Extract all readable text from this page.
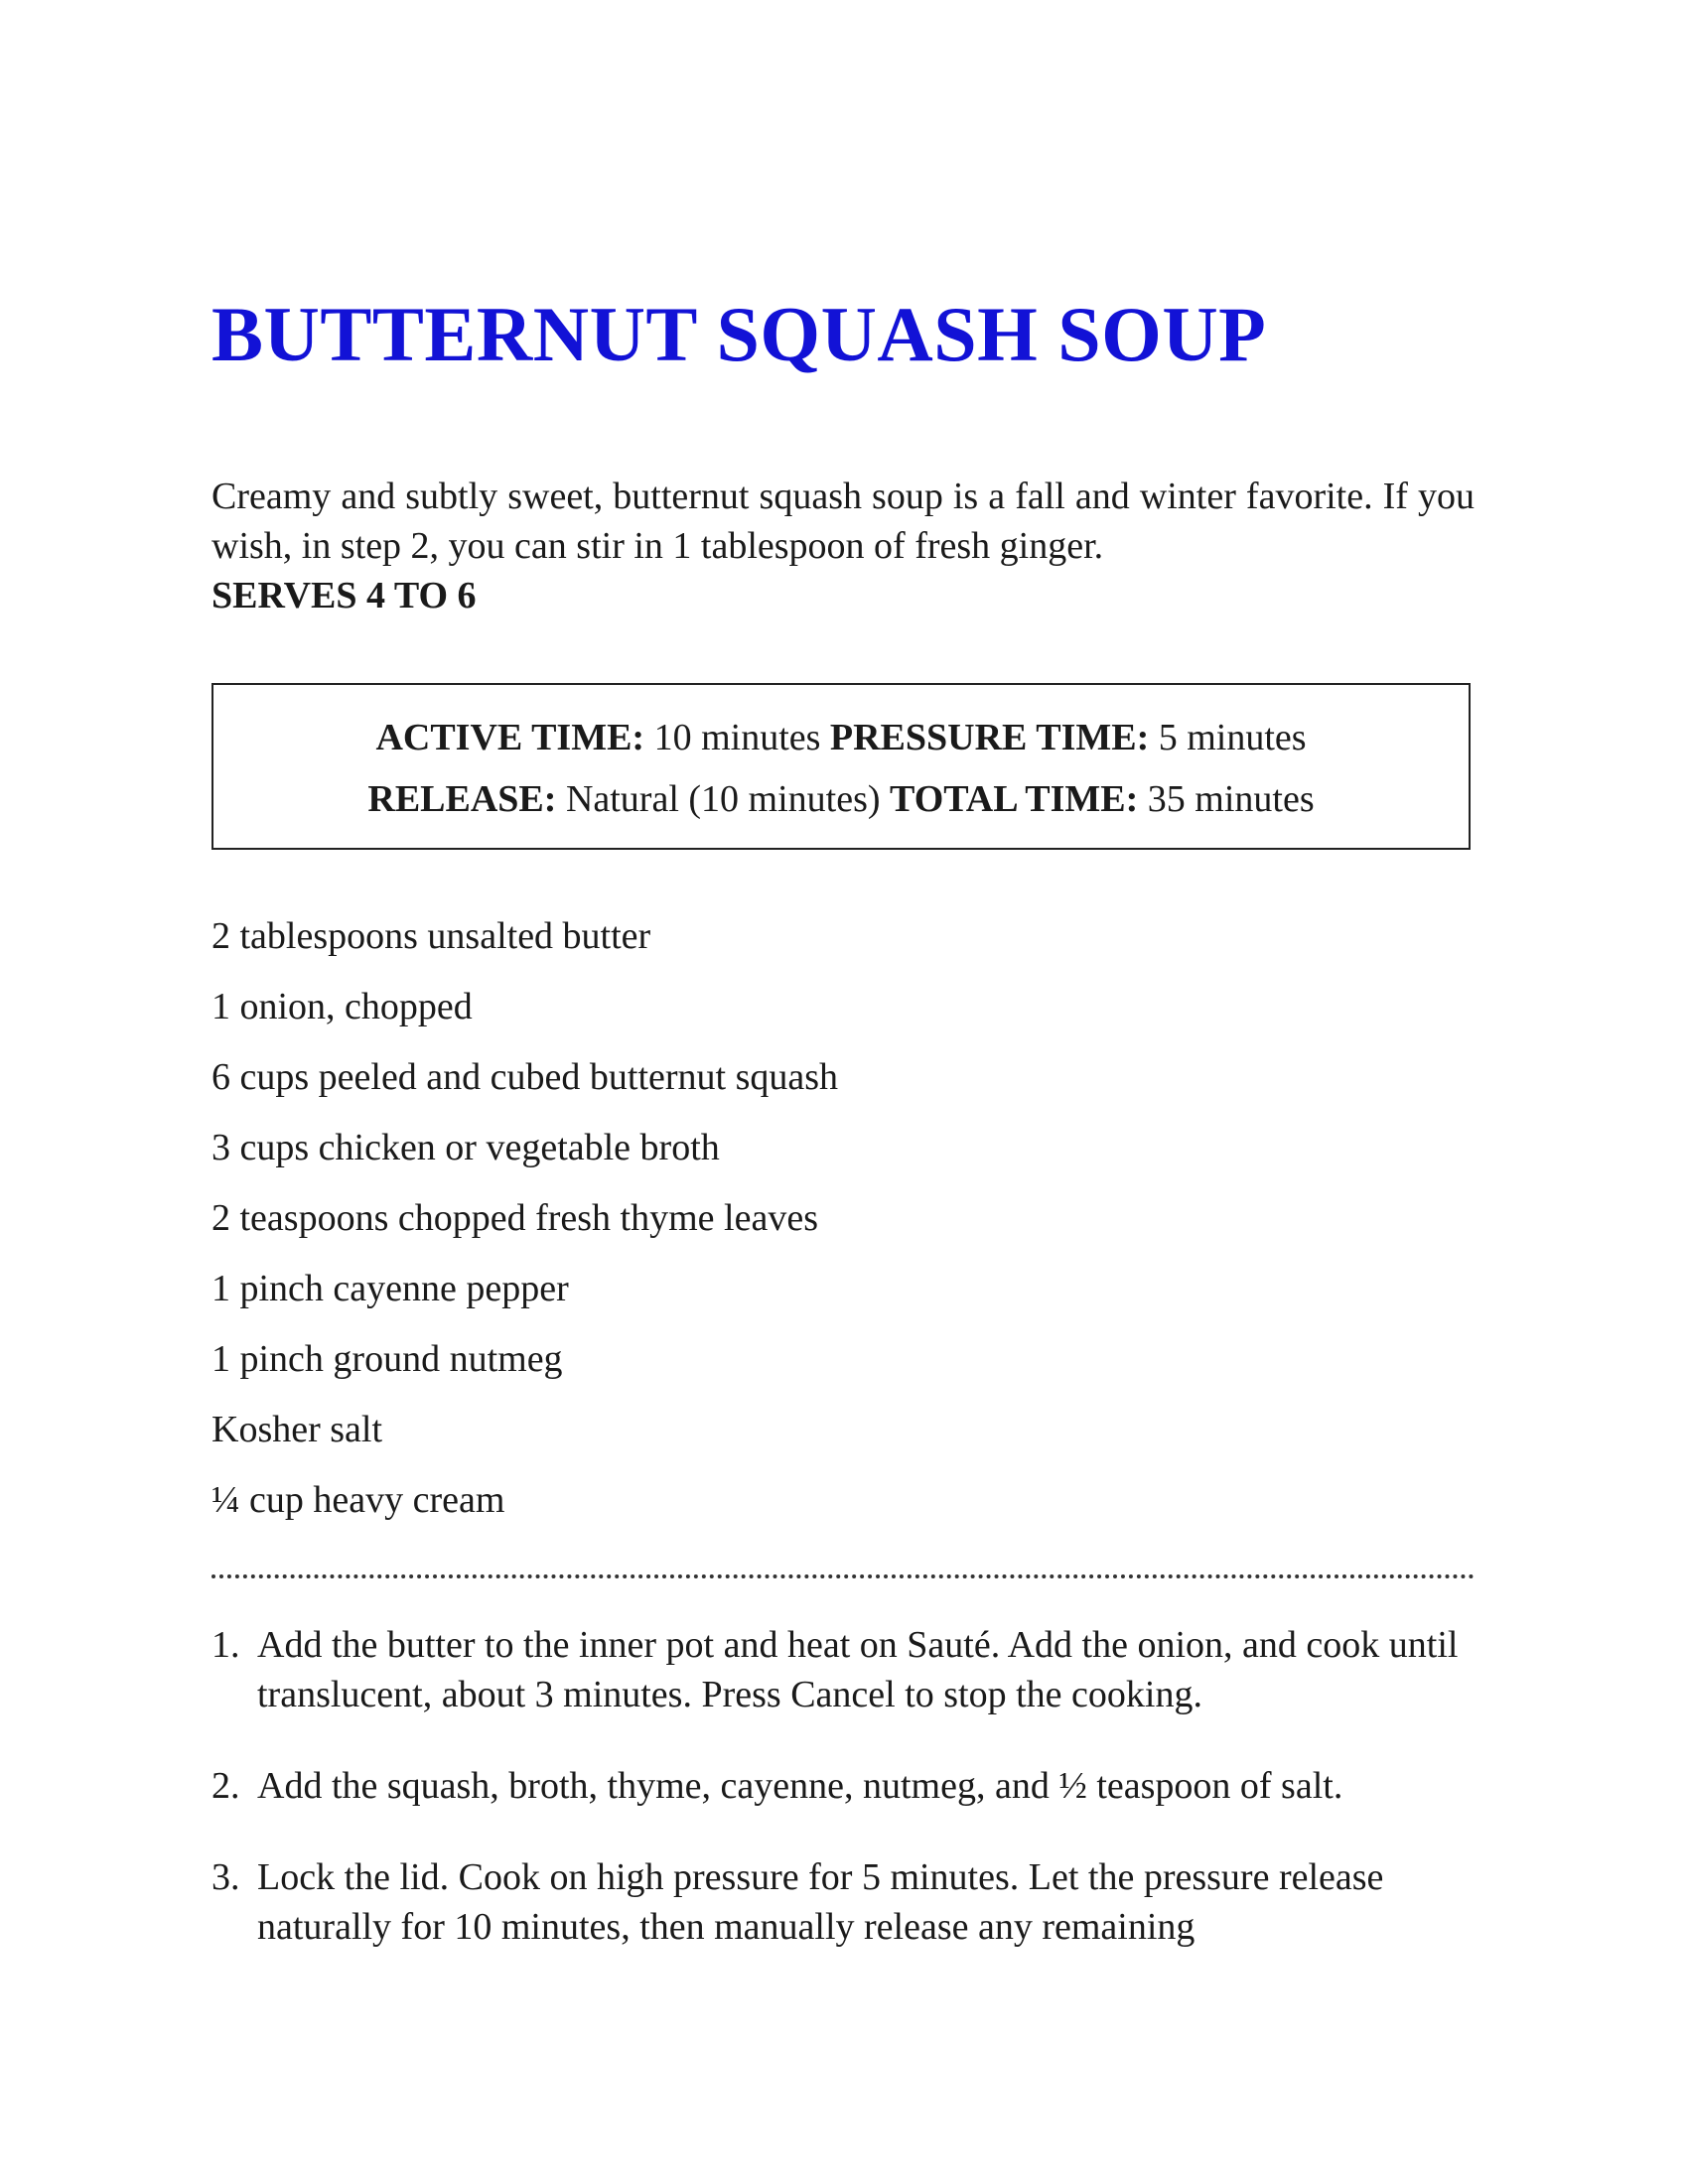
BUTTERNUT SQUASH SOUP

Creamy and subtly sweet, butternut squash soup is a fall and winter favorite. If you wish, in step 2, you can stir in 1 tablespoon of fresh ginger.
SERVES 4 TO 6

ACTIVE TIME: 10 minutes PRESSURE TIME: 5 minutes
RELEASE: Natural (10 minutes) TOTAL TIME: 35 minutes
2 tablespoons unsalted butter
1 onion, chopped
6 cups peeled and cubed butternut squash
3 cups chicken or vegetable broth
2 teaspoons chopped fresh thyme leaves
1 pinch cayenne pepper
1 pinch ground nutmeg
Kosher salt
¼ cup heavy cream
1. Add the butter to the inner pot and heat on Sauté. Add the onion, and cook until translucent, about 3 minutes. Press Cancel to stop the cooking.
2. Add the squash, broth, thyme, cayenne, nutmeg, and ½ teaspoon of salt.
3. Lock the lid. Cook on high pressure for 5 minutes. Let the pressure release naturally for 10 minutes, then manually release any remaining
